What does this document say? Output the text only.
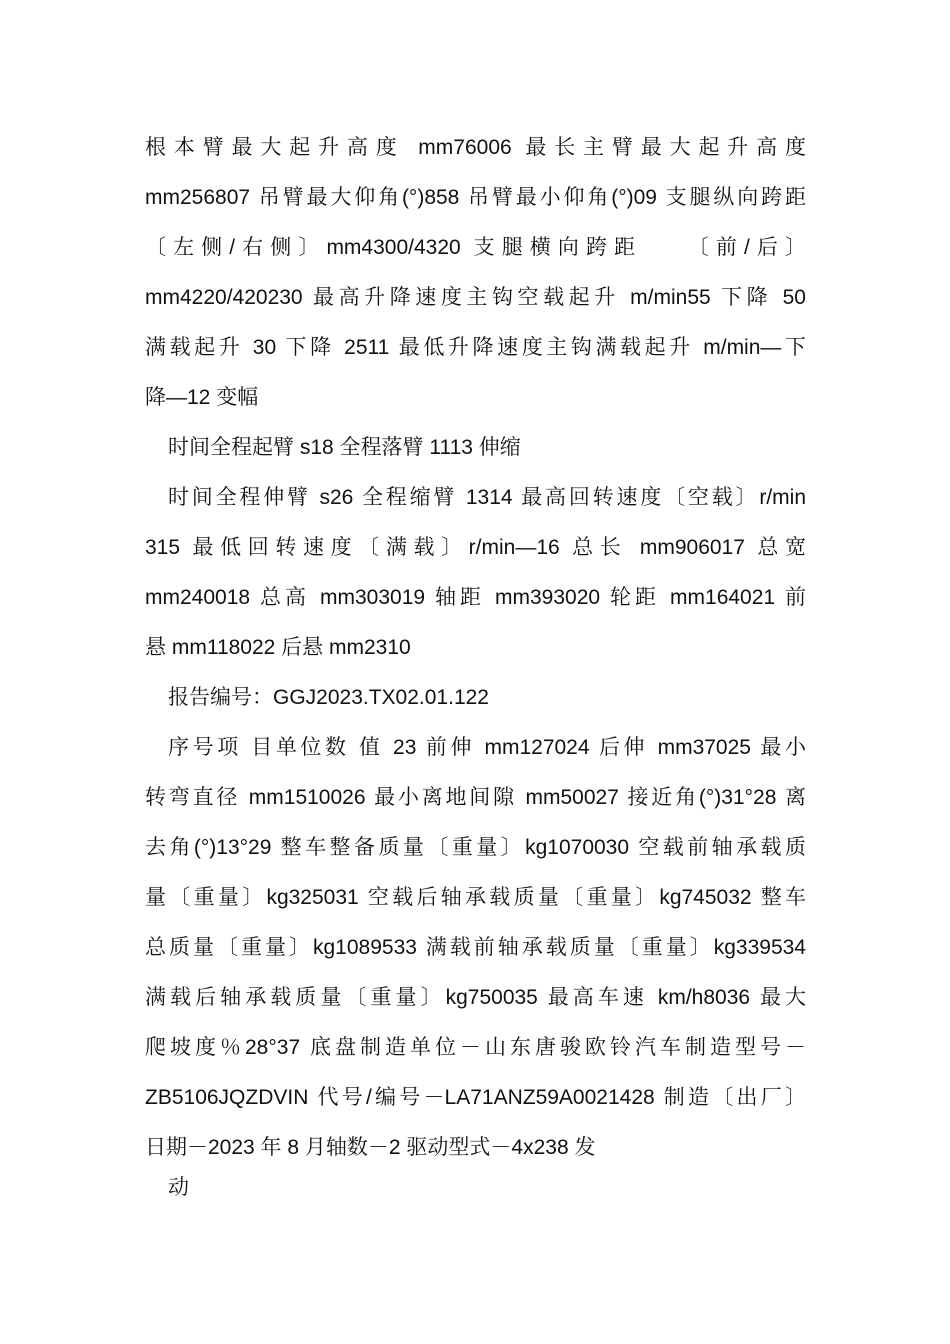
根本臂最大起升高度 mm76006 最长主臂最大起升高度
mm256807 吊臂最大仰角(°)858 吊臂最小仰角(°)09 支腿纵向跨距
〔左侧/右侧〕mm4300/4320 支腿横向跨距　　〔前/后〕
mm4220/420230 最高升降速度主钩空载起升 m/min55 下降 50
满载起升 30 下降 2511 最低升降速度主钩满载起升 m/min—下
降—12 变幅
时间全程起臂 s18 全程落臂 1113 伸缩
时间全程伸臂 s26 全程缩臂 1314 最高回转速度〔空载〕r/min
315 最低回转速度〔满载〕r/min—16 总长 mm906017 总宽
mm240018 总高 mm303019 轴距 mm393020 轮距 mm164021 前
悬 mm118022 后悬 mm2310
报告编号：GGJ2023.TX02.01.122
序号项 目单位数 值 23 前伸 mm127024 后伸 mm37025 最小
转弯直径 mm1510026 最小离地间隙 mm50027 接近角(°)31°28 离
去角(°)13°29 整车整备质量〔重量〕kg1070030 空载前轴承载质
量〔重量〕kg325031 空载后轴承载质量〔重量〕kg745032 整车
总质量〔重量〕kg1089533 满载前轴承载质量〔重量〕kg339534
满载后轴承载质量〔重量〕kg750035 最高车速 km/h8036 最大
爬坡度％28°37 底盘制造单位－山东唐骏欧铃汽车制造型号－
ZB5106JQZDVIN 代号/编号－LA71ANZ59A0021428 制造〔出厂〕
日期－2023 年 8 月轴数－2 驱动型式－4x238 发
动
